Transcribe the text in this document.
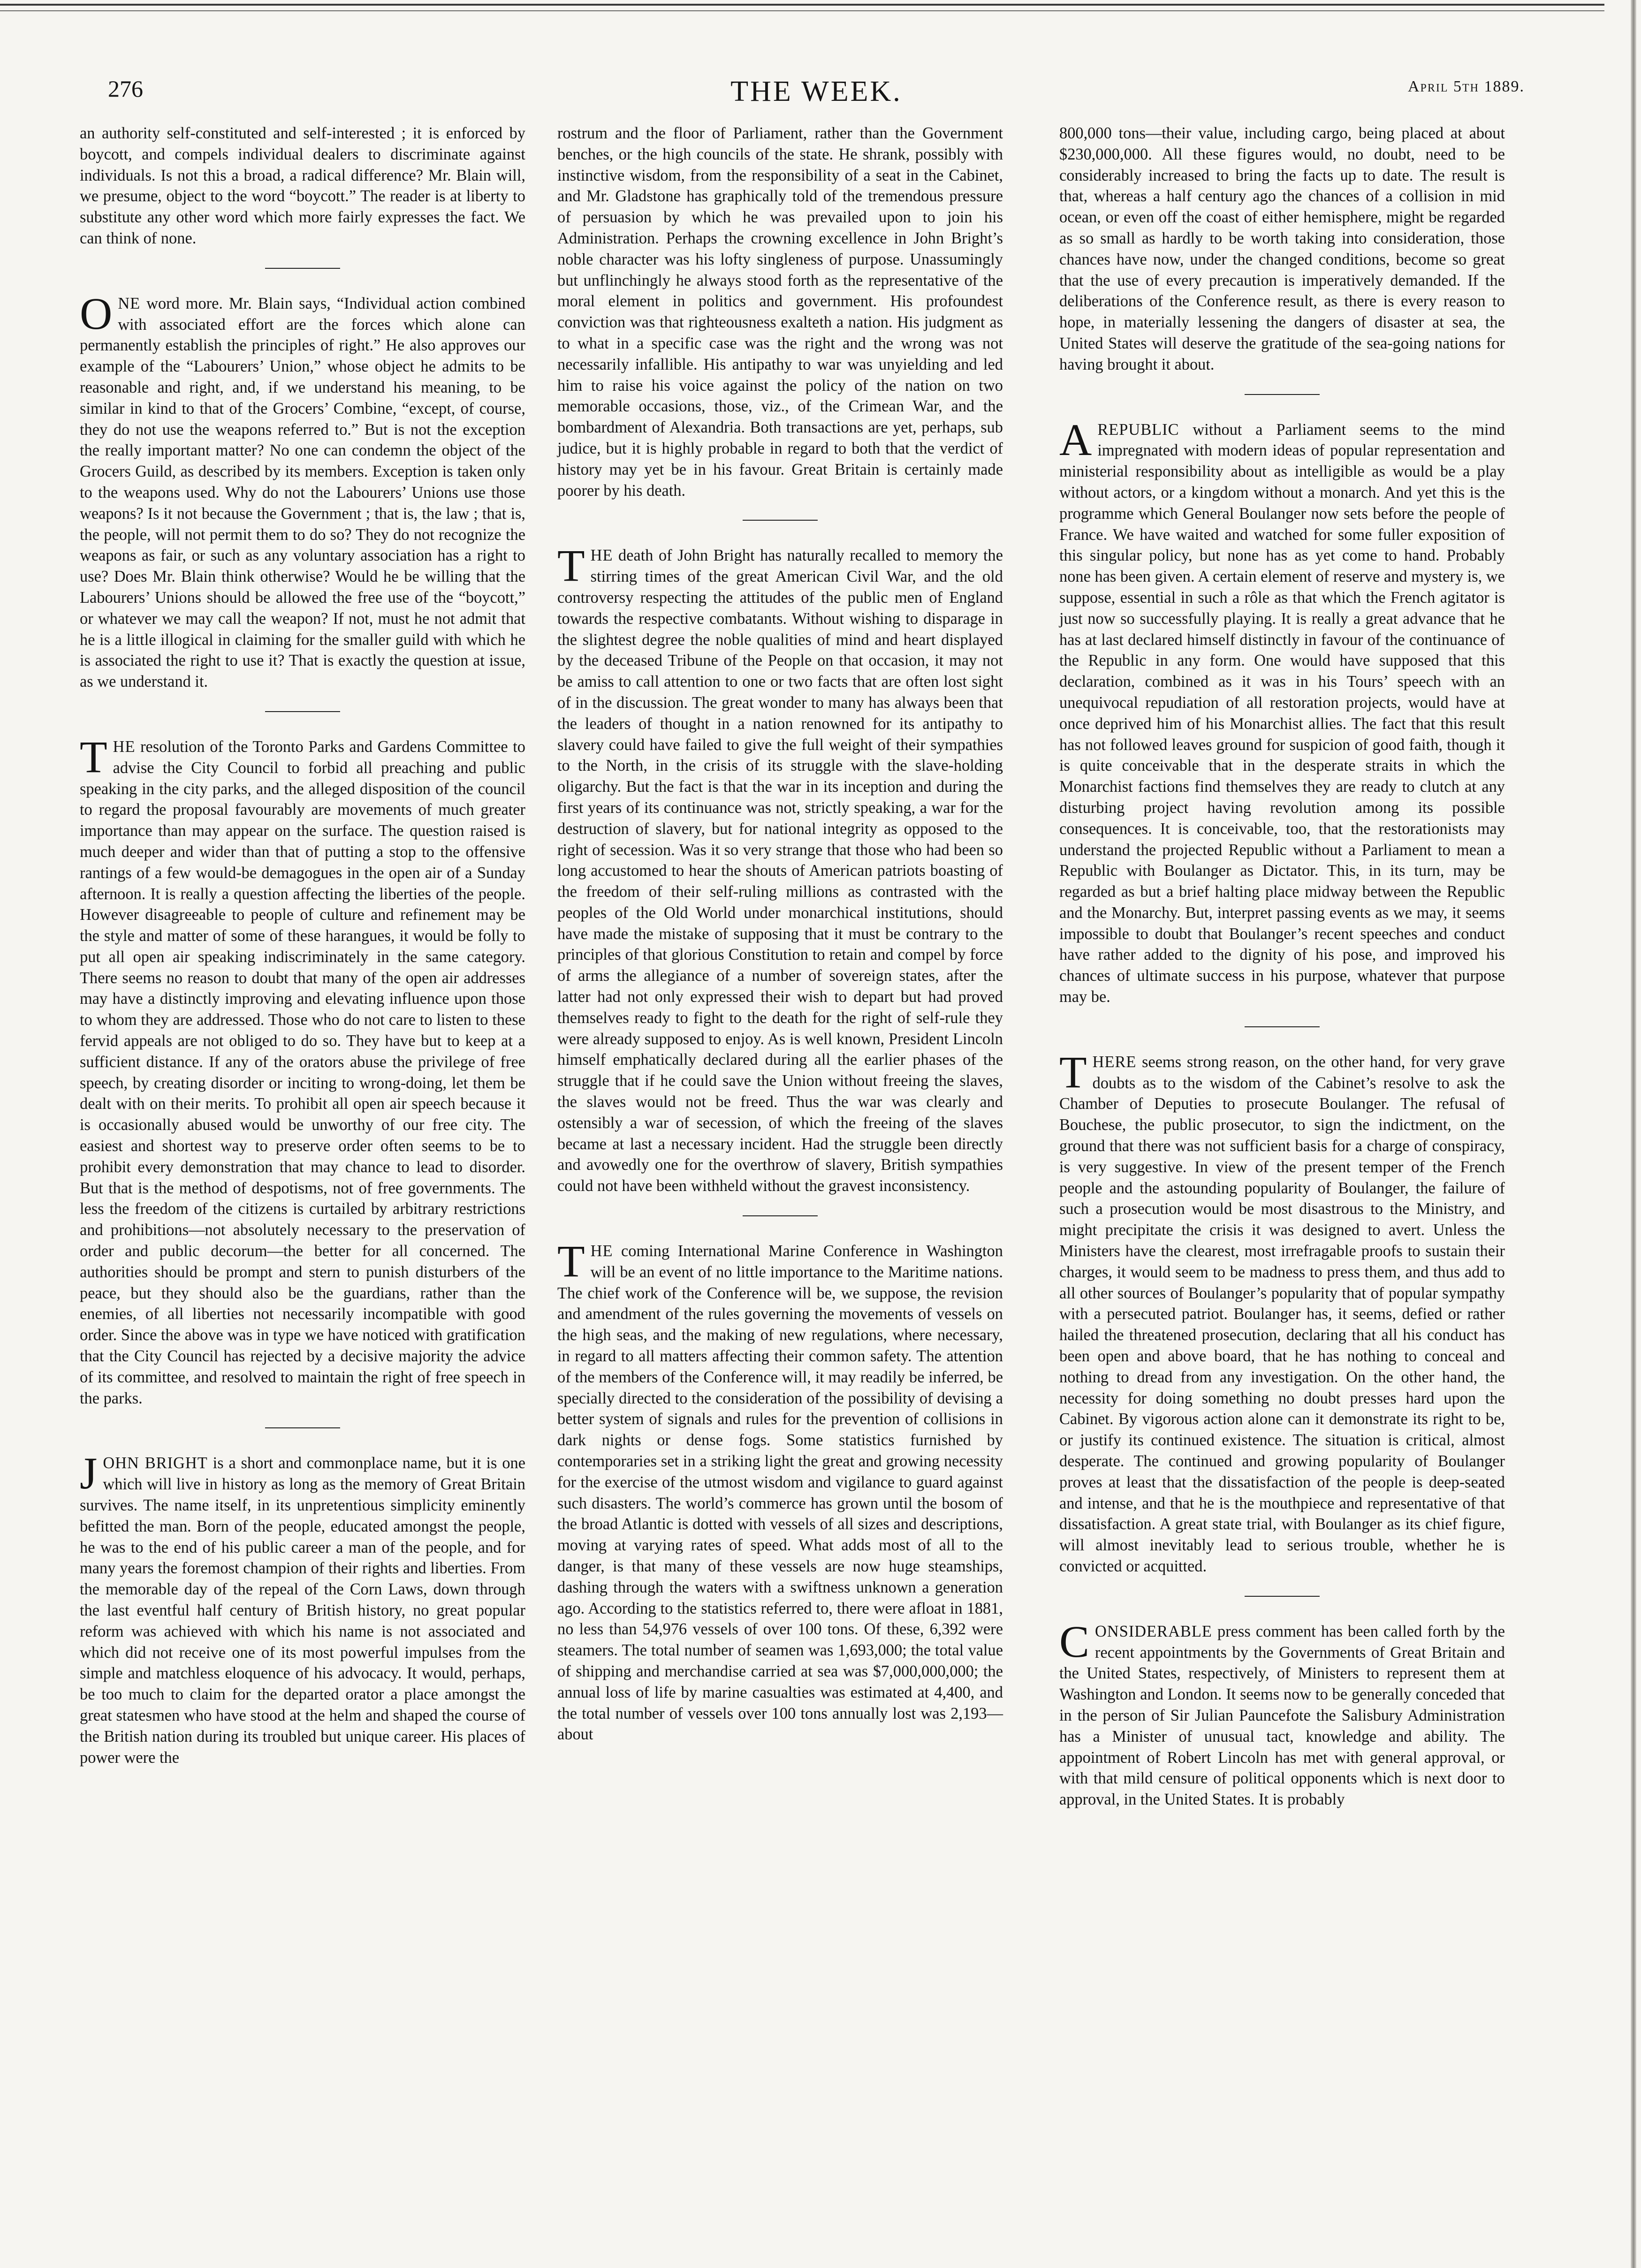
276	THE WEEK.	April 5th 1889.

an authority self-constituted and self-interested ; it is enforced by boycott, and compels individual dealers to discriminate against individuals. Is not this a broad, a radical difference? Mr. Blain will, we presume, object to the word “boycott.” The reader is at liberty to substitute any other word which more fairly expresses the fact. We can think of none.

ONE word more. Mr. Blain says, “Individual action combined with associated effort are the forces which alone can permanently establish the principles of right.” He also approves our example of the “Labourers’ Union,” whose object he admits to be reasonable and right, and, if we understand his meaning, to be similar in kind to that of the Grocers’ Combine, “except, of course, they do not use the weapons referred to.” But is not the exception the really important matter? No one can condemn the object of the Grocers Guild, as described by its members. Exception is taken only to the weapons used. Why do not the Labourers’ Unions use those weapons? Is it not because the Government ; that is, the law ; that is, the people, will not permit them to do so? They do not recognize the weapons as fair, or such as any voluntary association has a right to use? Does Mr. Blain think otherwise? Would he be willing that the Labourers’ Unions should be allowed the free use of the “boycott,” or whatever we may call the weapon? If not, must he not admit that he is a little illogical in claiming for the smaller guild with which he is associated the right to use it? That is exactly the question at issue, as we understand it.

THE resolution of the Toronto Parks and Gardens Committee to advise the City Council to forbid all preaching and public speaking in the city parks, and the alleged disposition of the council to regard the proposal favourably are movements of much greater importance than may appear on the surface. The question raised is much deeper and wider than that of putting a stop to the offensive rantings of a few would-be demagogues in the open air of a Sunday afternoon. It is really a question affecting the liberties of the people. However disagreeable to people of culture and refinement may be the style and matter of some of these harangues, it would be folly to put all open air speaking indiscriminately in the same category. There seems no reason to doubt that many of the open air addresses may have a distinctly improving and elevating influence upon those to whom they are addressed. Those who do not care to listen to these fervid appeals are not obliged to do so. They have but to keep at a sufficient distance. If any of the orators abuse the privilege of free speech, by creating disorder or inciting to wrong-doing, let them be dealt with on their merits. To prohibit all open air speech because it is occasionally abused would be unworthy of our free city. The easiest and shortest way to preserve order often seems to be to prohibit every demonstration that may chance to lead to disorder. But that is the method of despotisms, not of free governments. The less the freedom of the citizens is curtailed by arbitrary restrictions and prohibitions—not absolutely necessary to the preservation of order and public decorum—the better for all concerned. The authorities should be prompt and stern to punish disturbers of the peace, but they should also be the guardians, rather than the enemies, of all liberties not necessarily incompatible with good order. Since the above was in type we have noticed with gratification that the City Council has rejected by a decisive majority the advice of its committee, and resolved to maintain the right of free speech in the parks.

JOHN BRIGHT is a short and commonplace name, but it is one which will live in history as long as the memory of Great Britain survives. The name itself, in its unpretentious simplicity eminently befitted the man. Born of the people, educated amongst the people, he was to the end of his public career a man of the people, and for many years the foremost champion of their rights and liberties. From the memorable day of the repeal of the Corn Laws, down through the last eventful half century of British history, no great popular reform was achieved with which his name is not associated and which did not receive one of its most powerful impulses from the simple and matchless eloquence of his advocacy. It would, perhaps, be too much to claim for the departed orator a place amongst the great statesmen who have stood at the helm and shaped the course of the British nation during its troubled but unique career. His places of power were the

rostrum and the floor of Parliament, rather than the Government benches, or the high councils of the state. He shrank, possibly with instinctive wisdom, from the responsibility of a seat in the Cabinet, and Mr. Gladstone has graphically told of the tremendous pressure of persuasion by which he was prevailed upon to join his Administration. Perhaps the crowning excellence in John Bright’s noble character was his lofty singleness of purpose. Unassumingly but unflinchingly he always stood forth as the representative of the moral element in politics and government. His profoundest conviction was that righteousness exalteth a nation. His judgment as to what in a specific case was the right and the wrong was not necessarily infallible. His antipathy to war was unyielding and led him to raise his voice against the policy of the nation on two memorable occasions, those, viz., of the Crimean War, and the bombardment of Alexandria. Both transactions are yet, perhaps, sub judice, but it is highly probable in regard to both that the verdict of history may yet be in his favour. Great Britain is certainly made poorer by his death.

THE death of John Bright has naturally recalled to memory the stirring times of the great American Civil War, and the old controversy respecting the attitudes of the public men of England towards the respective combatants. Without wishing to disparage in the slightest degree the noble qualities of mind and heart displayed by the deceased Tribune of the People on that occasion, it may not be amiss to call attention to one or two facts that are often lost sight of in the discussion. The great wonder to many has always been that the leaders of thought in a nation renowned for its antipathy to slavery could have failed to give the full weight of their sympathies to the North, in the crisis of its struggle with the slave-holding oligarchy. But the fact is that the war in its inception and during the first years of its continuance was not, strictly speaking, a war for the destruction of slavery, but for national integrity as opposed to the right of secession. Was it so very strange that those who had been so long accustomed to hear the shouts of American patriots boasting of the freedom of their self-ruling millions as contrasted with the peoples of the Old World under monarchical institutions, should have made the mistake of supposing that it must be contrary to the principles of that glorious Constitution to retain and compel by force of arms the allegiance of a number of sovereign states, after the latter had not only expressed their wish to depart but had proved themselves ready to fight to the death for the right of self-rule they were already supposed to enjoy. As is well known, President Lincoln himself emphatically declared during all the earlier phases of the struggle that if he could save the Union without freeing the slaves, the slaves would not be freed. Thus the war was clearly and ostensibly a war of secession, of which the freeing of the slaves became at last a necessary incident. Had the struggle been directly and avowedly one for the overthrow of slavery, British sympathies could not have been withheld without the gravest inconsistency.

THE coming International Marine Conference in Washington will be an event of no little importance to the Maritime nations. The chief work of the Conference will be, we suppose, the revision and amendment of the rules governing the movements of vessels on the high seas, and the making of new regulations, where necessary, in regard to all matters affecting their common safety. The attention of the members of the Conference will, it may readily be inferred, be specially directed to the consideration of the possibility of devising a better system of signals and rules for the prevention of collisions in dark nights or dense fogs. Some statistics furnished by contemporaries set in a striking light the great and growing necessity for the exercise of the utmost wisdom and vigilance to guard against such disasters. The world’s commerce has grown until the bosom of the broad Atlantic is dotted with vessels of all sizes and descriptions, moving at varying rates of speed. What adds most of all to the danger, is that many of these vessels are now huge steamships, dashing through the waters with a swiftness unknown a generation ago. According to the statistics referred to, there were afloat in 1881, no less than 54,976 vessels of over 100 tons. Of these, 6,392 were steamers. The total number of seamen was 1,693,000; the total value of shipping and merchandise carried at sea was $7,000,000,000; the annual loss of life by marine casualties was estimated at 4,400, and the total number of vessels over 100 tons annually lost was 2,193—about

800,000 tons—their value, including cargo, being placed at about $230,000,000. All these figures would, no doubt, need to be considerably increased to bring the facts up to date. The result is that, whereas a half century ago the chances of a collision in mid ocean, or even off the coast of either hemisphere, might be regarded as so small as hardly to be worth taking into consideration, those chances have now, under the changed conditions, become so great that the use of every precaution is imperatively demanded. If the deliberations of the Conference result, as there is every reason to hope, in materially lessening the dangers of disaster at sea, the United States will deserve the gratitude of the sea-going nations for having brought it about.

AREPUBLIC without a Parliament seems to the mind impregnated with modern ideas of popular representation and ministerial responsibility about as intelligible as would be a play without actors, or a kingdom without a monarch. And yet this is the programme which General Boulanger now sets before the people of France. We have waited and watched for some fuller exposition of this singular policy, but none has as yet come to hand. Probably none has been given. A certain element of reserve and mystery is, we suppose, essential in such a rôle as that which the French agitator is just now so successfully playing. It is really a great advance that he has at last declared himself distinctly in favour of the continuance of the Republic in any form. One would have supposed that this declaration, combined as it was in his Tours’ speech with an unequivocal repudiation of all restoration projects, would have at once deprived him of his Monarchist allies. The fact that this result has not followed leaves ground for suspicion of good faith, though it is quite conceivable that in the desperate straits in which the Monarchist factions find themselves they are ready to clutch at any disturbing project having revolution among its possible consequences. It is conceivable, too, that the restorationists may understand the projected Republic without a Parliament to mean a Republic with Boulanger as Dictator. This, in its turn, may be regarded as but a brief halting place midway between the Republic and the Monarchy. But, interpret passing events as we may, it seems impossible to doubt that Boulanger’s recent speeches and conduct have rather added to the dignity of his pose, and improved his chances of ultimate success in his purpose, whatever that purpose may be.

THERE seems strong reason, on the other hand, for very grave doubts as to the wisdom of the Cabinet’s resolve to ask the Chamber of Deputies to prosecute Boulanger. The refusal of Bouchese, the public prosecutor, to sign the indictment, on the ground that there was not sufficient basis for a charge of conspiracy, is very suggestive. In view of the present temper of the French people and the astounding popularity of Boulanger, the failure of such a prosecution would be most disastrous to the Ministry, and might precipitate the crisis it was designed to avert. Unless the Ministers have the clearest, most irrefragable proofs to sustain their charges, it would seem to be madness to press them, and thus add to all other sources of Boulanger’s popularity that of popular sympathy with a persecuted patriot. Boulanger has, it seems, defied or rather hailed the threatened prosecution, declaring that all his conduct has been open and above board, that he has nothing to conceal and nothing to dread from any investigation. On the other hand, the necessity for doing something no doubt presses hard upon the Cabinet. By vigorous action alone can it demonstrate its right to be, or justify its continued existence. The situation is critical, almost desperate. The continued and growing popularity of Boulanger proves at least that the dissatisfaction of the people is deep-seated and intense, and that he is the mouthpiece and representative of that dissatisfaction. A great state trial, with Boulanger as its chief figure, will almost inevitably lead to serious trouble, whether he is convicted or acquitted.

CONSIDERABLE press comment has been called forth by the recent appointments by the Governments of Great Britain and the United States, respectively, of Ministers to represent them at Washington and London. It seems now to be generally conceded that in the person of Sir Julian Pauncefote the Salisbury Administration has a Minister of unusual tact, knowledge and ability. The appointment of Robert Lincoln has met with general approval, or with that mild censure of political opponents which is next door to approval, in the United States. It is probably
